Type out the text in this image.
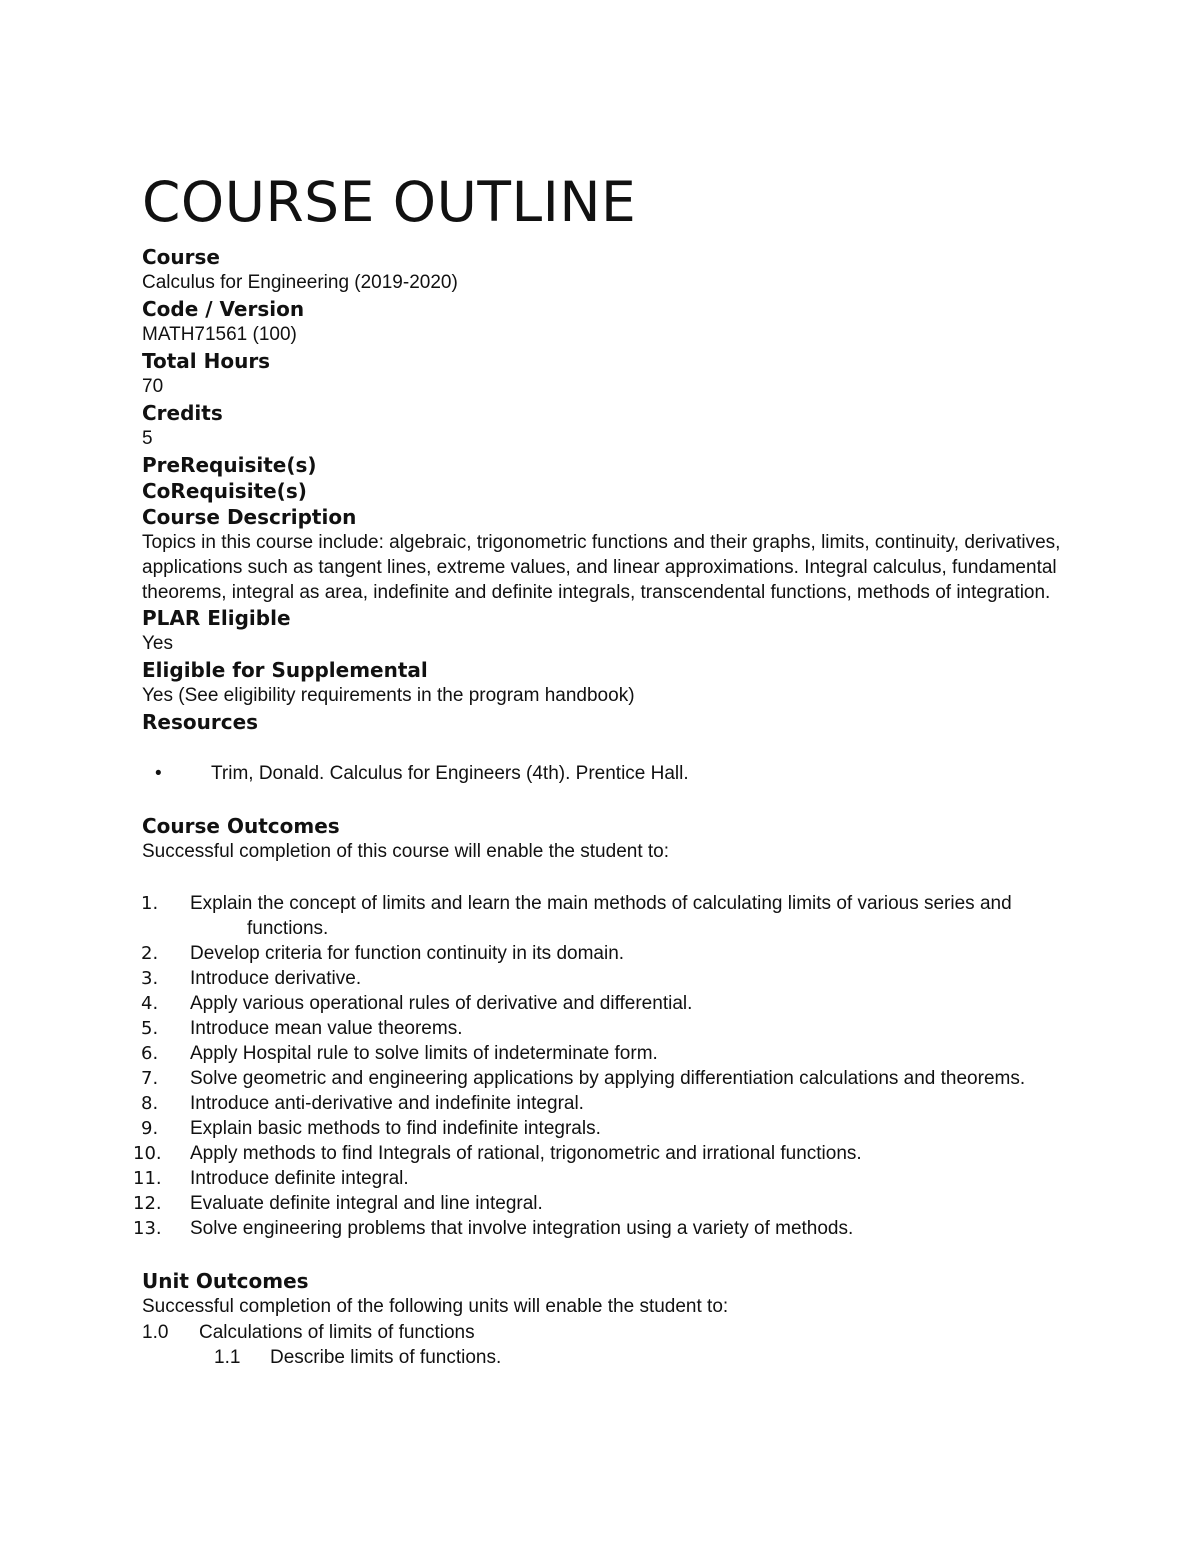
COURSE OUTLINE

Course

Calculus for Engineering (2019-2020)

Code / Version

MATH71561 (100)

Total Hours

70

Credits

5

PreRequisite(s)

CoRequisite(s)

Course Description

Topics in this course include: algebraic, trigonometric functions and their graphs, limits, continuity, derivatives, applications such as tangent lines, extreme values, and linear approximations. Integral calculus, fundamental theorems, integral as area, indefinite and definite integrals, transcendental functions, methods of integration.

PLAR Eligible

Yes

Eligible for Supplemental

Yes (See eligibility requirements in the program handbook)

Resources

•	Trim, Donald. Calculus for Engineers (4th). Prentice Hall.

Course Outcomes

Successful completion of this course will enable the student to:

1.	Explain the concept of limits and learn the main methods of calculating limits of various series and functions.
2.	Develop criteria for function continuity in its domain.
3.	Introduce derivative.
4.	Apply various operational rules of derivative and differential.
5.	Introduce mean value theorems.
6.	Apply Hospital rule to solve limits of indeterminate form.
7.	Solve geometric and engineering applications by applying differentiation calculations and theorems.
8.	Introduce anti-derivative and indefinite integral.
9.	Explain basic methods to find indefinite integrals.
10.	Apply methods to find Integrals of rational, trigonometric and irrational functions.
11.	Introduce definite integral.
12.	Evaluate definite integral and line integral.
13.	Solve engineering problems that involve integration using a variety of methods.

Unit Outcomes

Successful completion of the following units will enable the student to:

1.0 Calculations of limits of functions
1.1 Describe limits of functions.
